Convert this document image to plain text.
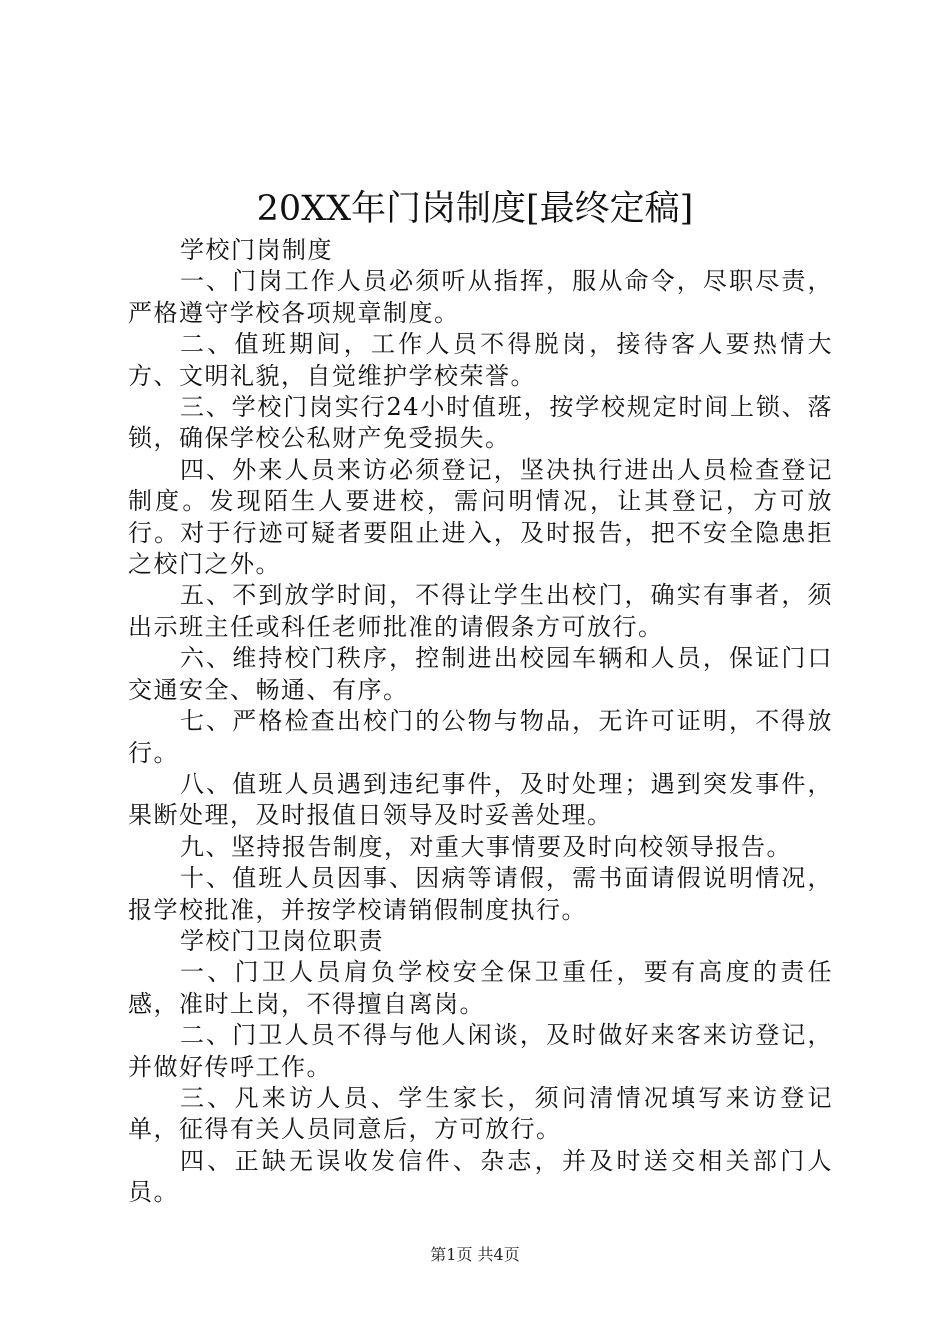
20XX年门岗制度[最终定稿]

学校门岗制度

一、门岗工作人员必须听从指挥，服从命令，尽职尽责，严格遵守学校各项规章制度。

二、值班期间，工作人员不得脱岗，接待客人要热情大方、文明礼貌，自觉维护学校荣誉。

三、学校门岗实行24小时值班，按学校规定时间上锁、落锁，确保学校公私财产免受损失。

四、外来人员来访必须登记，坚决执行进出人员检查登记制度。发现陌生人要进校，需问明情况，让其登记，方可放行。对于行迹可疑者要阻止进入，及时报告，把不安全隐患拒之校门之外。

五、不到放学时间，不得让学生出校门，确实有事者，须出示班主任或科任老师批准的请假条方可放行。

六、维持校门秩序，控制进出校园车辆和人员，保证门口交通安全、畅通、有序。

七、严格检查出校门的公物与物品，无许可证明，不得放行。

八、值班人员遇到违纪事件，及时处理；遇到突发事件，果断处理，及时报值日领导及时妥善处理。

九、坚持报告制度，对重大事情要及时向校领导报告。

十、值班人员因事、因病等请假，需书面请假说明情况，报学校批准，并按学校请销假制度执行。

学校门卫岗位职责

一、门卫人员肩负学校安全保卫重任，要有高度的责任感，准时上岗，不得擅自离岗。

二、门卫人员不得与他人闲谈，及时做好来客来访登记，并做好传呼工作。

三、凡来访人员、学生家长，须问清情况填写来访登记单，征得有关人员同意后，方可放行。

四、正缺无误收发信件、杂志，并及时送交相关部门人员。

第1页 共4页
